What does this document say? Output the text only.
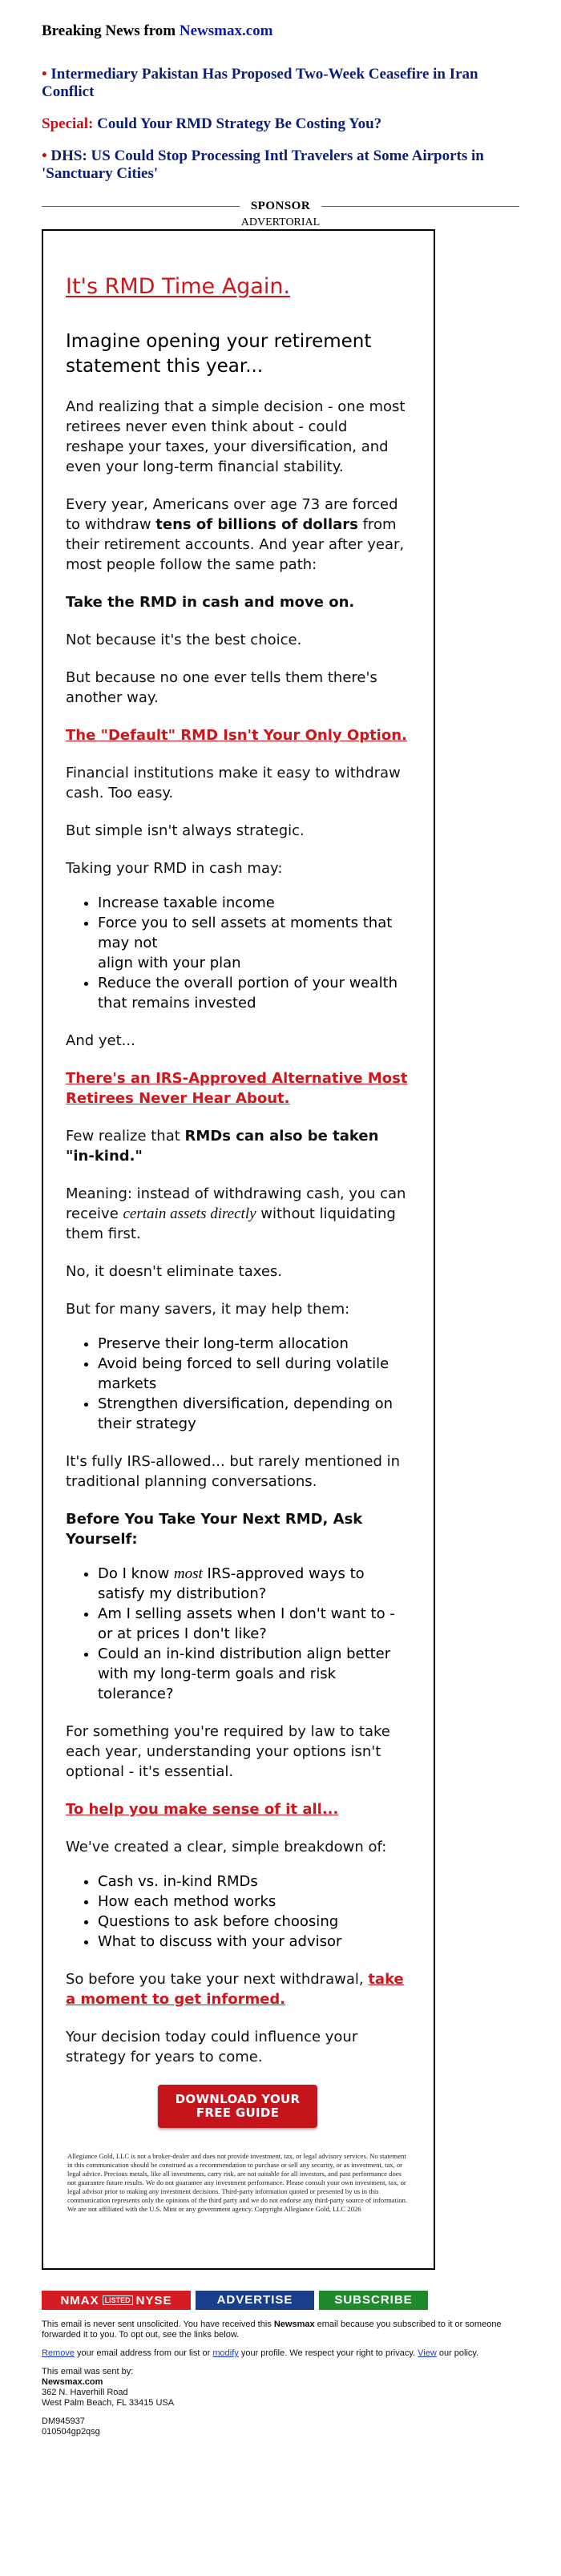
Breaking News from Newsmax.com
• Intermediary Pakistan Has Proposed Two-Week Ceasefire in Iran Conflict
Special: Could Your RMD Strategy Be Costing You?
• DHS: US Could Stop Processing Intl Travelers at Some Airports in 'Sanctuary Cities'
SPONSOR
ADVERTORIAL
It's RMD Time Again.
Imagine opening your retirement statement this year...
And realizing that a simple decision - one most retirees never even think about - could reshape your taxes, your diversification, and even your long-term financial stability.
Every year, Americans over age 73 are forced to withdraw tens of billions of dollars from their retirement accounts. And year after year, most people follow the same path:
Take the RMD in cash and move on.
Not because it's the best choice.
But because no one ever tells them there's another way.
The "Default" RMD Isn't Your Only Option.
Financial institutions make it easy to withdraw cash. Too easy.
But simple isn't always strategic.
Taking your RMD in cash may:
• Increase taxable income
• Force you to sell assets at moments that may not
align with your plan
• Reduce the overall portion of your wealth that remains invested
And yet...
There's an IRS-Approved Alternative Most Retirees Never Hear About.
Few realize that RMDs can also be taken "in-kind."
Meaning: instead of withdrawing cash, you can receive certain assets directly without liquidating them first.
No, it doesn't eliminate taxes.
But for many savers, it may help them:
• Preserve their long-term allocation
• Avoid being forced to sell during volatile markets
• Strengthen diversification, depending on their strategy
It's fully IRS-allowed... but rarely mentioned in traditional planning conversations.
Before You Take Your Next RMD, Ask Yourself:
• Do I know most IRS-approved ways to satisfy my distribution?
• Am I selling assets when I don't want to - or at prices I don't like?
• Could an in-kind distribution align better with my long-term goals and risk tolerance?
For something you're required by law to take each year, understanding your options isn't optional - it's essential.
To help you make sense of it all...
We've created a clear, simple breakdown of:
• Cash vs. in-kind RMDs
• How each method works
• Questions to ask before choosing
• What to discuss with your advisor
So before you take your next withdrawal, take a moment to get informed.
Your decision today could influence your strategy for years to come.
DOWNLOAD YOUR
FREE GUIDE
Allegiance Gold, LLC is not a broker-dealer and does not provide investment, tax, or legal advisory services. No statement in this communication should be construed as a recommendation to purchase or sell any security, or as investment, tax, or legal advice. Precious metals, like all investments, carry risk, are not suitable for all investors, and past performance does not guarantee future results. We do not guarantee any investment performance. Please consult your own investment, tax, or legal advisor prior to making any investment decisions. Third-party information quoted or presented by us in this communication represents only the opinions of the third party and we do not endorse any third-party source of information. We are not affiliated with the U.S. Mint or any government agency. Copyright Allegiance Gold, LLC 2026
NMAX LISTED NYSE	ADVERTISE	SUBSCRIBE
This email is never sent unsolicited. You have received this Newsmax email because you subscribed to it or someone forwarded it to you. To opt out, see the links below.
Remove your email address from our list or modify your profile. We respect your right to privacy. View our policy.
This email was sent by:
Newsmax.com
362 N. Haverhill Road
West Palm Beach, FL 33415 USA
DM945937
010504gp2qsg
